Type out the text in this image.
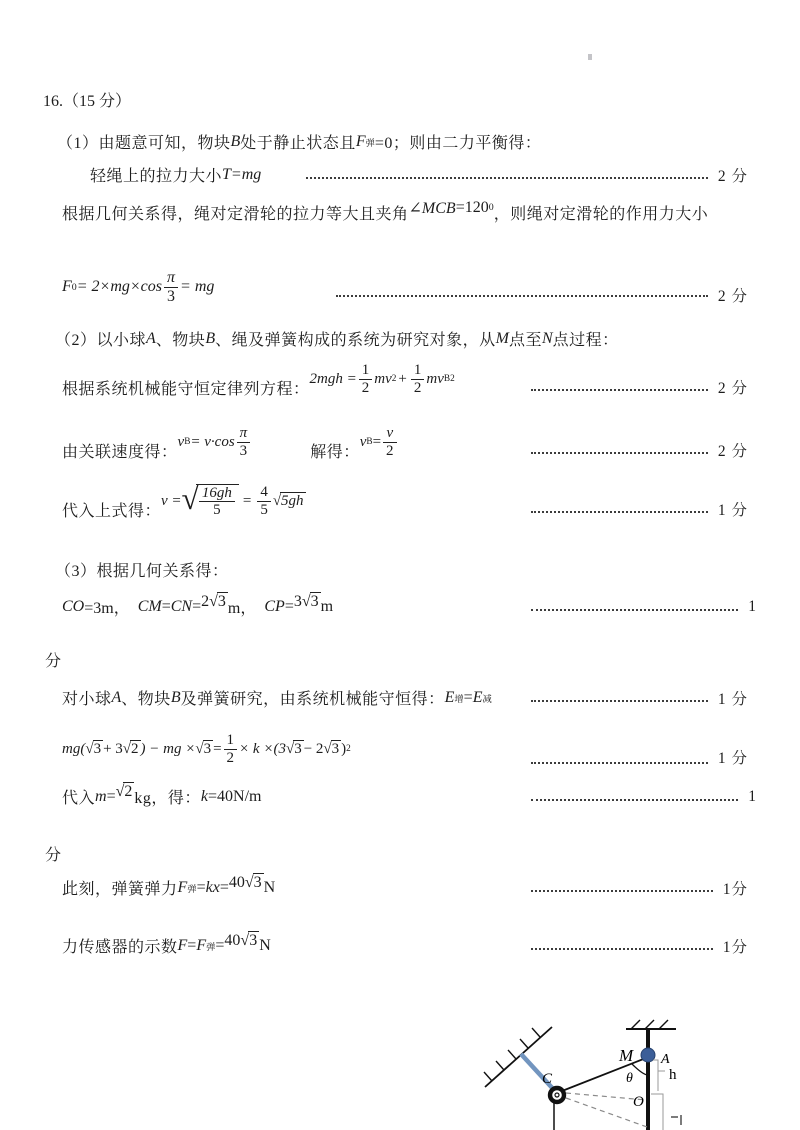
16.（15 分）
（1）由题意可知，物块 B 处于静止状态且 F 弹 =0；则由二力平衡得：
轻绳上的拉力大小 T=mg	2 分
根据几何关系得，绳对定滑轮的拉力等大且夹角 ∠MCB =120 0 ，则绳对定滑轮的作用力大小
F $0 = 2\times mg\times\cos \frac{\pi}{3}$ = mg
2 分
（2）以小球 A 、物块 B 、绳及弹簧构成的系统为研究对象，从 M 点至 N 点过程：
根据系统机械能守恒定律列方程：
$2mgh = \frac{1}{2}$ mv $2 + \frac{1}{2}$ mv B 2
2 分
由关联速度得：
v B = v·cos
π
3	解得：
v $B = \frac{v}{2}$	2 分
代入上式得：
v = √ $\frac{16gh}{5} = \frac{4}{5} √5gh$
1 分
（3）根据几何关系得：
CO =3m， CM = CN = 2 √3 m， CP = 3 √3 m	1
分
对小球 A 、物块 B 及弹簧研究，由系统机械能守恒得： E 增 = E 减	1 分
mg( √3 + 3 √2 ) − mg × $√3 = \frac{1}{2} \times k \times(3$ √3 − 2 √3 ) 2
1 分
代入 m = √2 kg，得： k =40N/m	1
分
此刻，弹簧弹力 F 弹 = kx = 40 √3 N	1分
力传感器的示数 F = F 弹 = 40 √3 N	1分
M A
θ h
C
O
